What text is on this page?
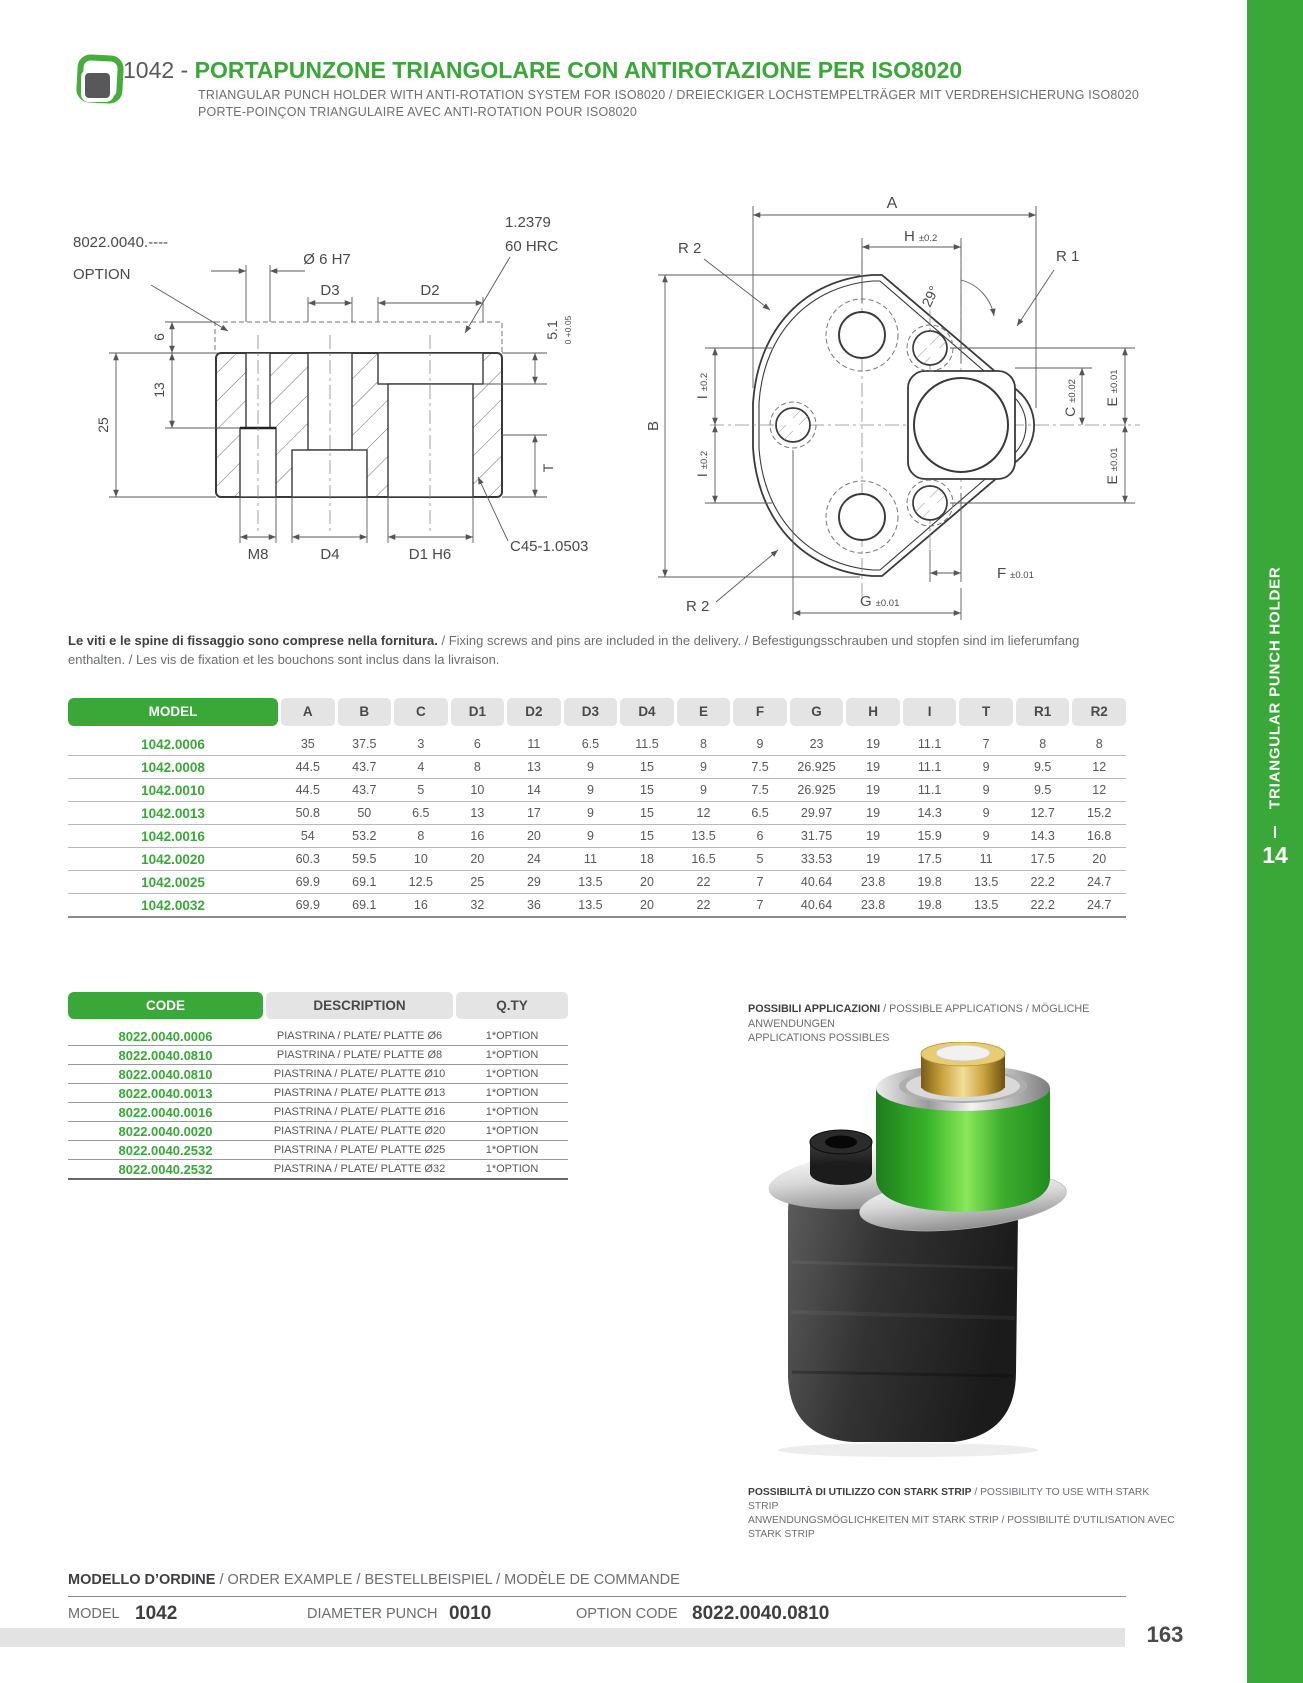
1042 - PORTAPUNZONE TRIANGOLARE CON ANTIROTAZIONE PER ISO8020
TRIANGULAR PUNCH HOLDER WITH ANTI-ROTATION SYSTEM FOR ISO8020 / DREIECKIGER LOCHSTEMPELTRÄGER MIT VERDREHSICHERUNG ISO8020
PORTE-POINÇON TRIANGULAIRE AVEC ANTI-ROTATION POUR ISO8020
Ø 6 H7
D3	D2
1.2379
60 HRC
5.1 0 +0.05
6
13
25
M8	D4	D1 H6
T
C45-1.0503
8022.0040.----
OPTION
A
H ±0.2
R 2
29°
R 1
B
I±0.2
I±0.2
C±0.02 E±0.01
E±0.01
F ±0.01
G ±0.01
R 2
Le viti e le spine di fissaggio sono comprese nella fornitura. / Fixing screws and pins are included in the delivery. / Befestigungsschrauben und stopfen sind im lieferumfang enthalten. / Les vis de fixation et les bouchons sont inclus dans la livraison.
MODEL	A	B	C	D1	D2	D3	D4	E	F	G	H	I	T	R1	R2
1042.0006	35	37.5	3	6	11	6.5	11.5	8	9	23	19	11.1	7	8	8
1042.0008	44.5	43.7	4	8	13	9	15	9	7.5	26.925	19	11.1	9	9.5	12
1042.0010	44.5	43.7	5	10	14	9	15	9	7.5	26.925	19	11.1	9	9.5	12
1042.0013	50.8	50	6.5	13	17	9	15	12	6.5	29.97	19	14.3	9	12.7	15.2
1042.0016	54	53.2	8	16	20	9	15	13.5	6	31.75	19	15.9	9	14.3	16.8
1042.0020	60.3	59.5	10	20	24	11	18	16.5	5	33.53	19	17.5	11	17.5	20
1042.0025	69.9	69.1	12.5	25	29	13.5	20	22	7	40.64	23.8	19.8	13.5	22.2	24.7
1042.0032	69.9	69.1	16	32	36	13.5	20	22	7	40.64	23.8	19.8	13.5	22.2	24.7
CODE	DESCRIPTION	Q.TY
8022.0040.0006	PIASTRINA / PLATE/ PLATTE Ø6	1*OPTION
8022.0040.0810	PIASTRINA / PLATE/ PLATTE Ø8	1*OPTION
8022.0040.0810	PIASTRINA / PLATE/ PLATTE Ø10	1*OPTION
8022.0040.0013	PIASTRINA / PLATE/ PLATTE Ø13	1*OPTION
8022.0040.0016	PIASTRINA / PLATE/ PLATTE Ø16	1*OPTION
8022.0040.0020	PIASTRINA / PLATE/ PLATTE Ø20	1*OPTION
8022.0040.2532	PIASTRINA / PLATE/ PLATTE Ø25	1*OPTION
8022.0040.2532	PIASTRINA / PLATE/ PLATTE Ø32	1*OPTION
POSSIBILI APPLICAZIONI / POSSIBLE APPLICATIONS / MÖGLICHE ANWENDUNGEN
APPLICATIONS POSSIBLES
POSSIBILITÀ DI UTILIZZO CON STARK STRIP / POSSIBILITY TO USE WITH STARK STRIP
ANWENDUNGSMÖGLICHKEITEN MIT STARK STRIP / POSSIBILITÉ D'UTILISATION AVEC STARK STRIP
MODELLO D’ORDINE / ORDER EXAMPLE / BESTELLBEISPIEL / MODÈLE DE COMMANDE
MODEL 1042	DIAMETER PUNCH 0010	OPTION CODE 8022.0040.0810
163
TRIANGULAR PUNCH HOLDER
14
